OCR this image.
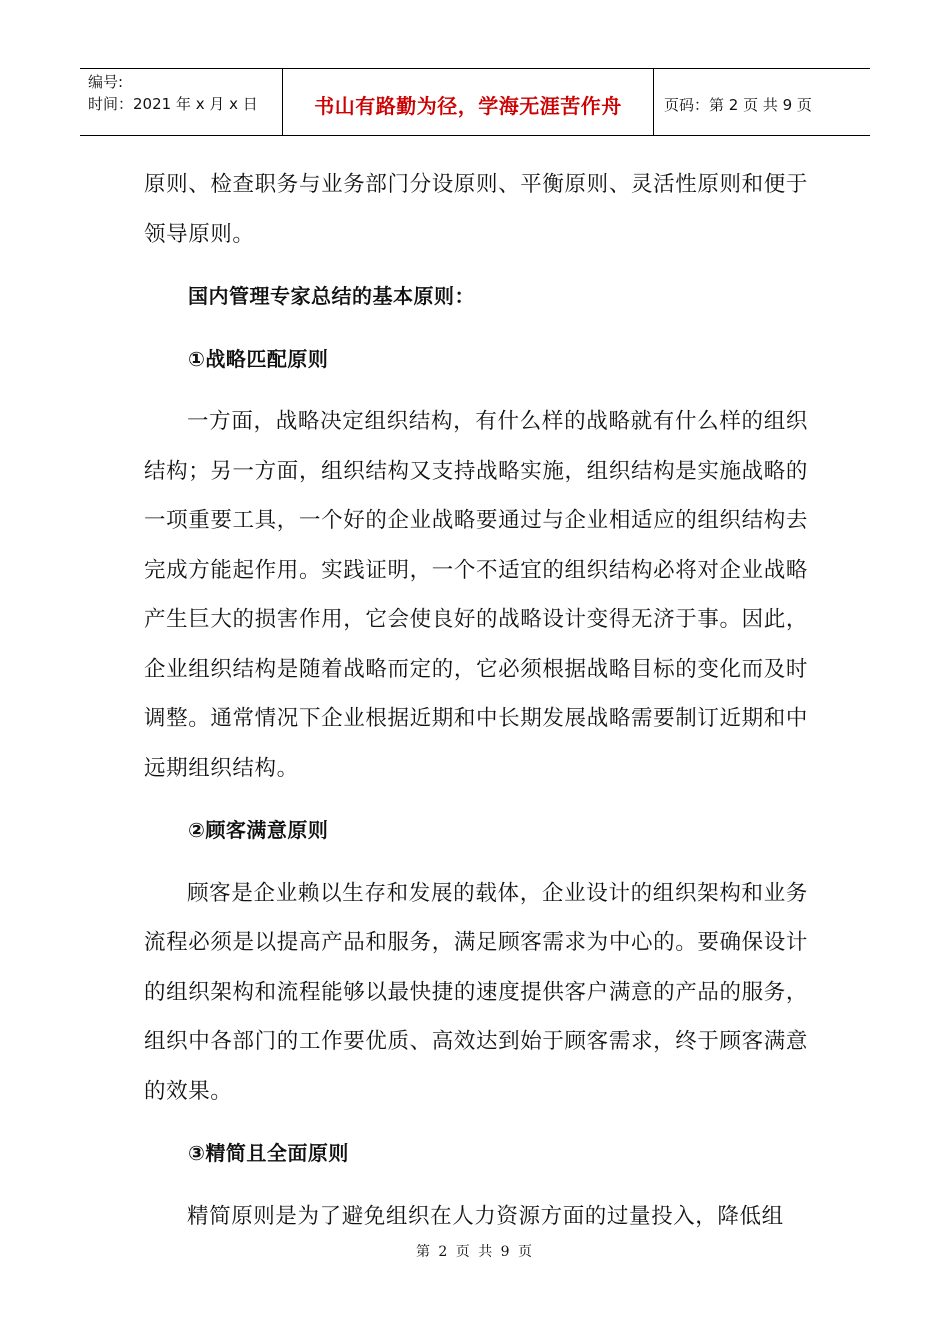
编号:
时间：2021 年 x 月 x 日	书山有路勤为径，学海无涯苦作舟	页码：第 2 页 共 9 页

原则、检查职务与业务部门分设原则、平衡原则、灵活性原则和便于领导原则。

国内管理专家总结的基本原则：
①战略匹配原则

一方面，战略决定组织结构，有什么样的战略就有什么样的组织结构；另一方面，组织结构又支持战略实施，组织结构是实施战略的一项重要工具，一个好的企业战略要通过与企业相适应的组织结构去完成方能起作用。实践证明，一个不适宜的组织结构必将对企业战略产生巨大的损害作用，它会使良好的战略设计变得无济于事。因此，企业组织结构是随着战略而定的，它必须根据战略目标的变化而及时调整。通常情况下企业根据近期和中长期发展战略需要制订近期和中远期组织结构。

②顾客满意原则

顾客是企业赖以生存和发展的载体，企业设计的组织架构和业务流程必须是以提高产品和服务，满足顾客需求为中心的。要确保设计的组织架构和流程能够以最快捷的速度提供客户满意的产品的服务，组织中各部门的工作要优质、高效达到始于顾客需求，终于顾客满意的效果。

③精简且全面原则

精简原则是为了避免组织在人力资源方面的过量投入，降低组

第 2 页 共 9 页
